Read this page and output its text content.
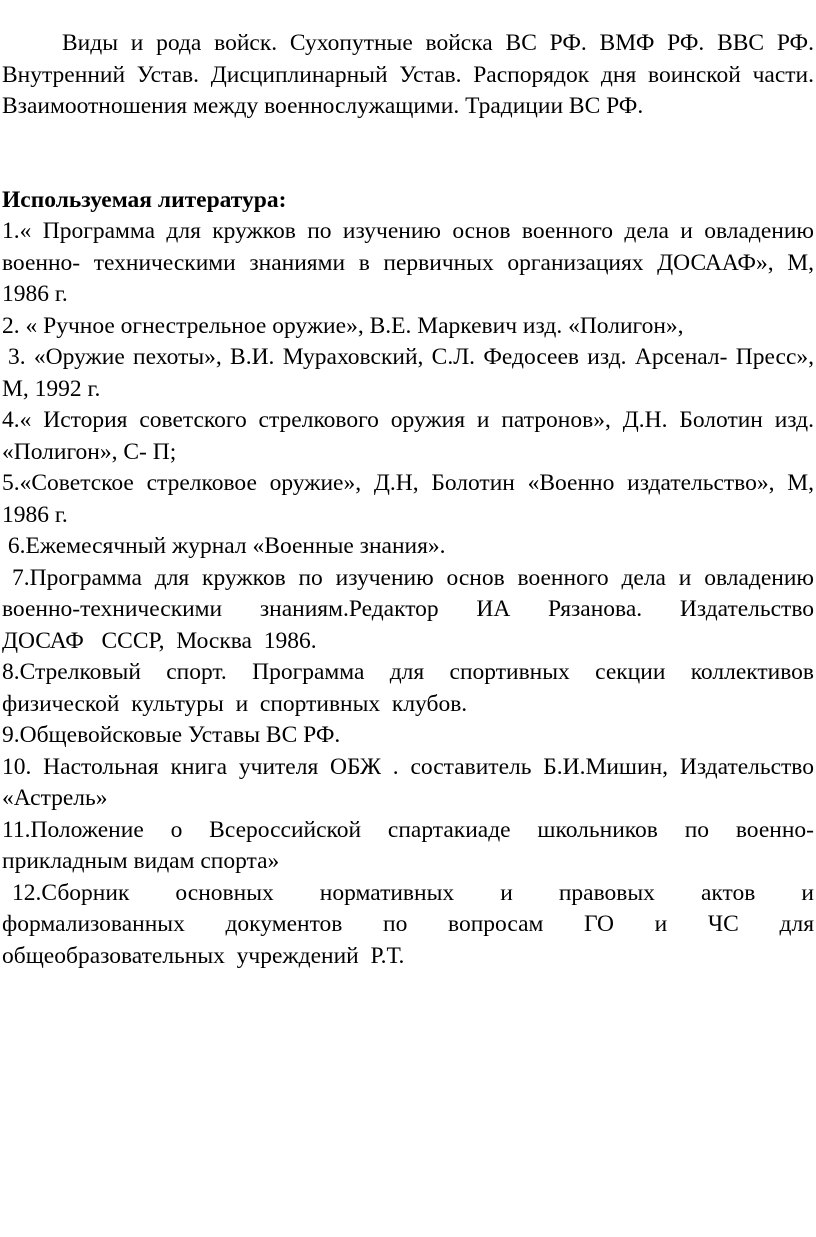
Виды и рода войск. Сухопутные войска ВС РФ. ВМФ РФ. ВВС РФ.
Внутренний Устав. Дисциплинарный Устав. Распорядок дня воинской части.
Взаимоотношения между военнослужащими. Традиции ВС РФ.
Используемая литература:
1.« Программа для кружков по изучению основ военного дела и овладению
военно- техническими знаниями в первичных организациях ДОСААФ», М,
1986 г.
2. « Ручное огнестрельное оружие», В.Е. Маркевич изд. «Полигон»,
3. «Оружие пехоты», В.И. Мураховский, С.Л. Федосеев изд. Арсенал- Пресс»,
М, 1992 г.
4.« История советского стрелкового оружия и патронов», Д.Н. Болотин изд.
«Полигон», С- П;
5.«Советское стрелковое оружие», Д.Н, Болотин «Военно издательство», М,
1986 г.
6.Ежемесячный журнал «Военные знания».
7.Программа для кружков по изучению основ военного дела и овладению
военно-техническими знаниям.Редактор ИА Рязанова. Издательство
ДОСАФ   СССР,  Москва  1986.
8.Стрелковый спорт. Программа для спортивных секции коллективов
физической  культуры  и  спортивных  клубов.
9.Общевойсковые Уставы ВС РФ.
10. Настольная книга учителя ОБЖ . составитель Б.И.Мишин, Издательство
«Астрель»
11.Положение о Всероссийской спартакиаде школьников по военно-
прикладным видам спорта»
12.Сборник основных нормативных и правовых актов и
формализованных документов по вопросам ГО и ЧС для
общеобразовательных  учреждений  Р.Т.
